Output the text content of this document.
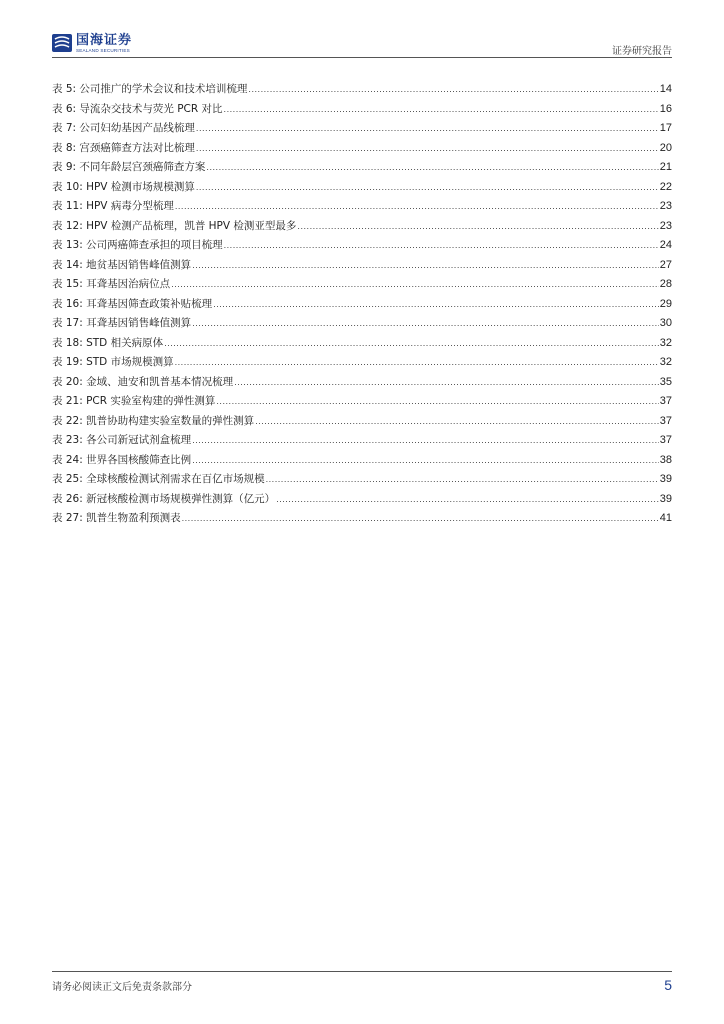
国海证券
SEALAND SECURITIES	证券研究报告
表 5: 公司推广的学术会议和技术培训梳理 .....	14
表 6: 导流杂交技术与荧光 PCR 对比 .....	16
表 7: 公司妇幼基因产品线梳理 .....	17
表 8: 宫颈癌筛查方法对比梳理 .....	20
表 9: 不同年龄层宫颈癌筛查方案 .....	21
表 10: HPV 检测市场规模测算 .....	22
表 11: HPV 病毒分型梳理 .....	23
表 12: HPV 检测产品梳理，凯普 HPV 检测亚型最多 .....	23
表 13: 公司两癌筛查承担的项目梳理 .....	24
表 14: 地贫基因销售峰值测算 .....	27
表 15: 耳聋基因治病位点 .....	28
表 16: 耳聋基因筛查政策补贴梳理 .....	29
表 17: 耳聋基因销售峰值测算 .....	30
表 18: STD 相关病原体 .....	32
表 19: STD 市场规模测算 .....	32
表 20: 金域、迪安和凯普基本情况梳理 .....	35
表 21: PCR 实验室构建的弹性测算 .....	37
表 22: 凯普协助构建实验室数量的弹性测算 .....	37
表 23: 各公司新冠试剂盒梳理 .....	37
表 24: 世界各国核酸筛查比例 .....	38
表 25: 全球核酸检测试剂需求在百亿市场规模 .....	39
表 26: 新冠核酸检测市场规模弹性测算（亿元） .....	39
表 27: 凯普生物盈利预测表 .....	41
请务必阅读正文后免责条款部分	5
